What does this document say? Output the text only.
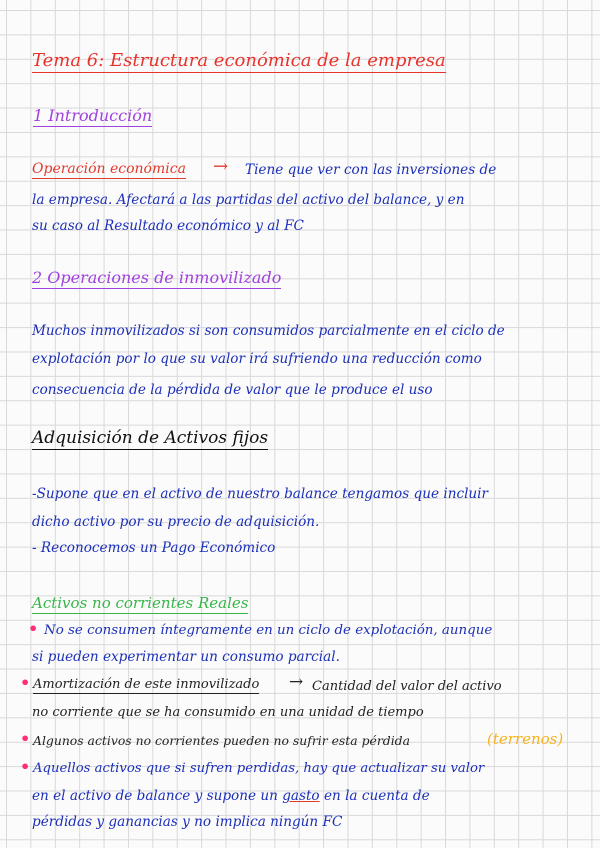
Tema 6: Estructura económica de la empresa
1 Introducción
Operación económica → Tiene que ver con las inversiones de
la empresa. Afectará a las partidas del activo del balance, y en
su caso al Resultado económico y al FC
2 Operaciones de inmovilizado
Muchos inmovilizados si son consumidos parcialmente en el ciclo de
explotación por lo que su valor irá sufriendo una reducción como
consecuencia de la pérdida de valor que le produce el uso
Adquisición de Activos fijos
-Supone que en el activo de nuestro balance tengamos que incluir
dicho activo por su precio de adquisición.
- Reconocemos un Pago Económico
Activos no corrientes Reales
• No se consumen íntegramente en un ciclo de explotación, aunque
si pueden experimentar un consumo parcial.
• Amortización de este inmovilizado → Cantidad del valor del activo
no corriente que se ha consumido en una unidad de tiempo
• Algunos activos no corrientes pueden no sufrir esta pérdida	(terrenos)
• Aquellos activos que si sufren perdidas, hay que actualizar su valor
en el activo de balance y supone un gasto en la cuenta de
pérdidas y ganancias y no implica ningún FC
